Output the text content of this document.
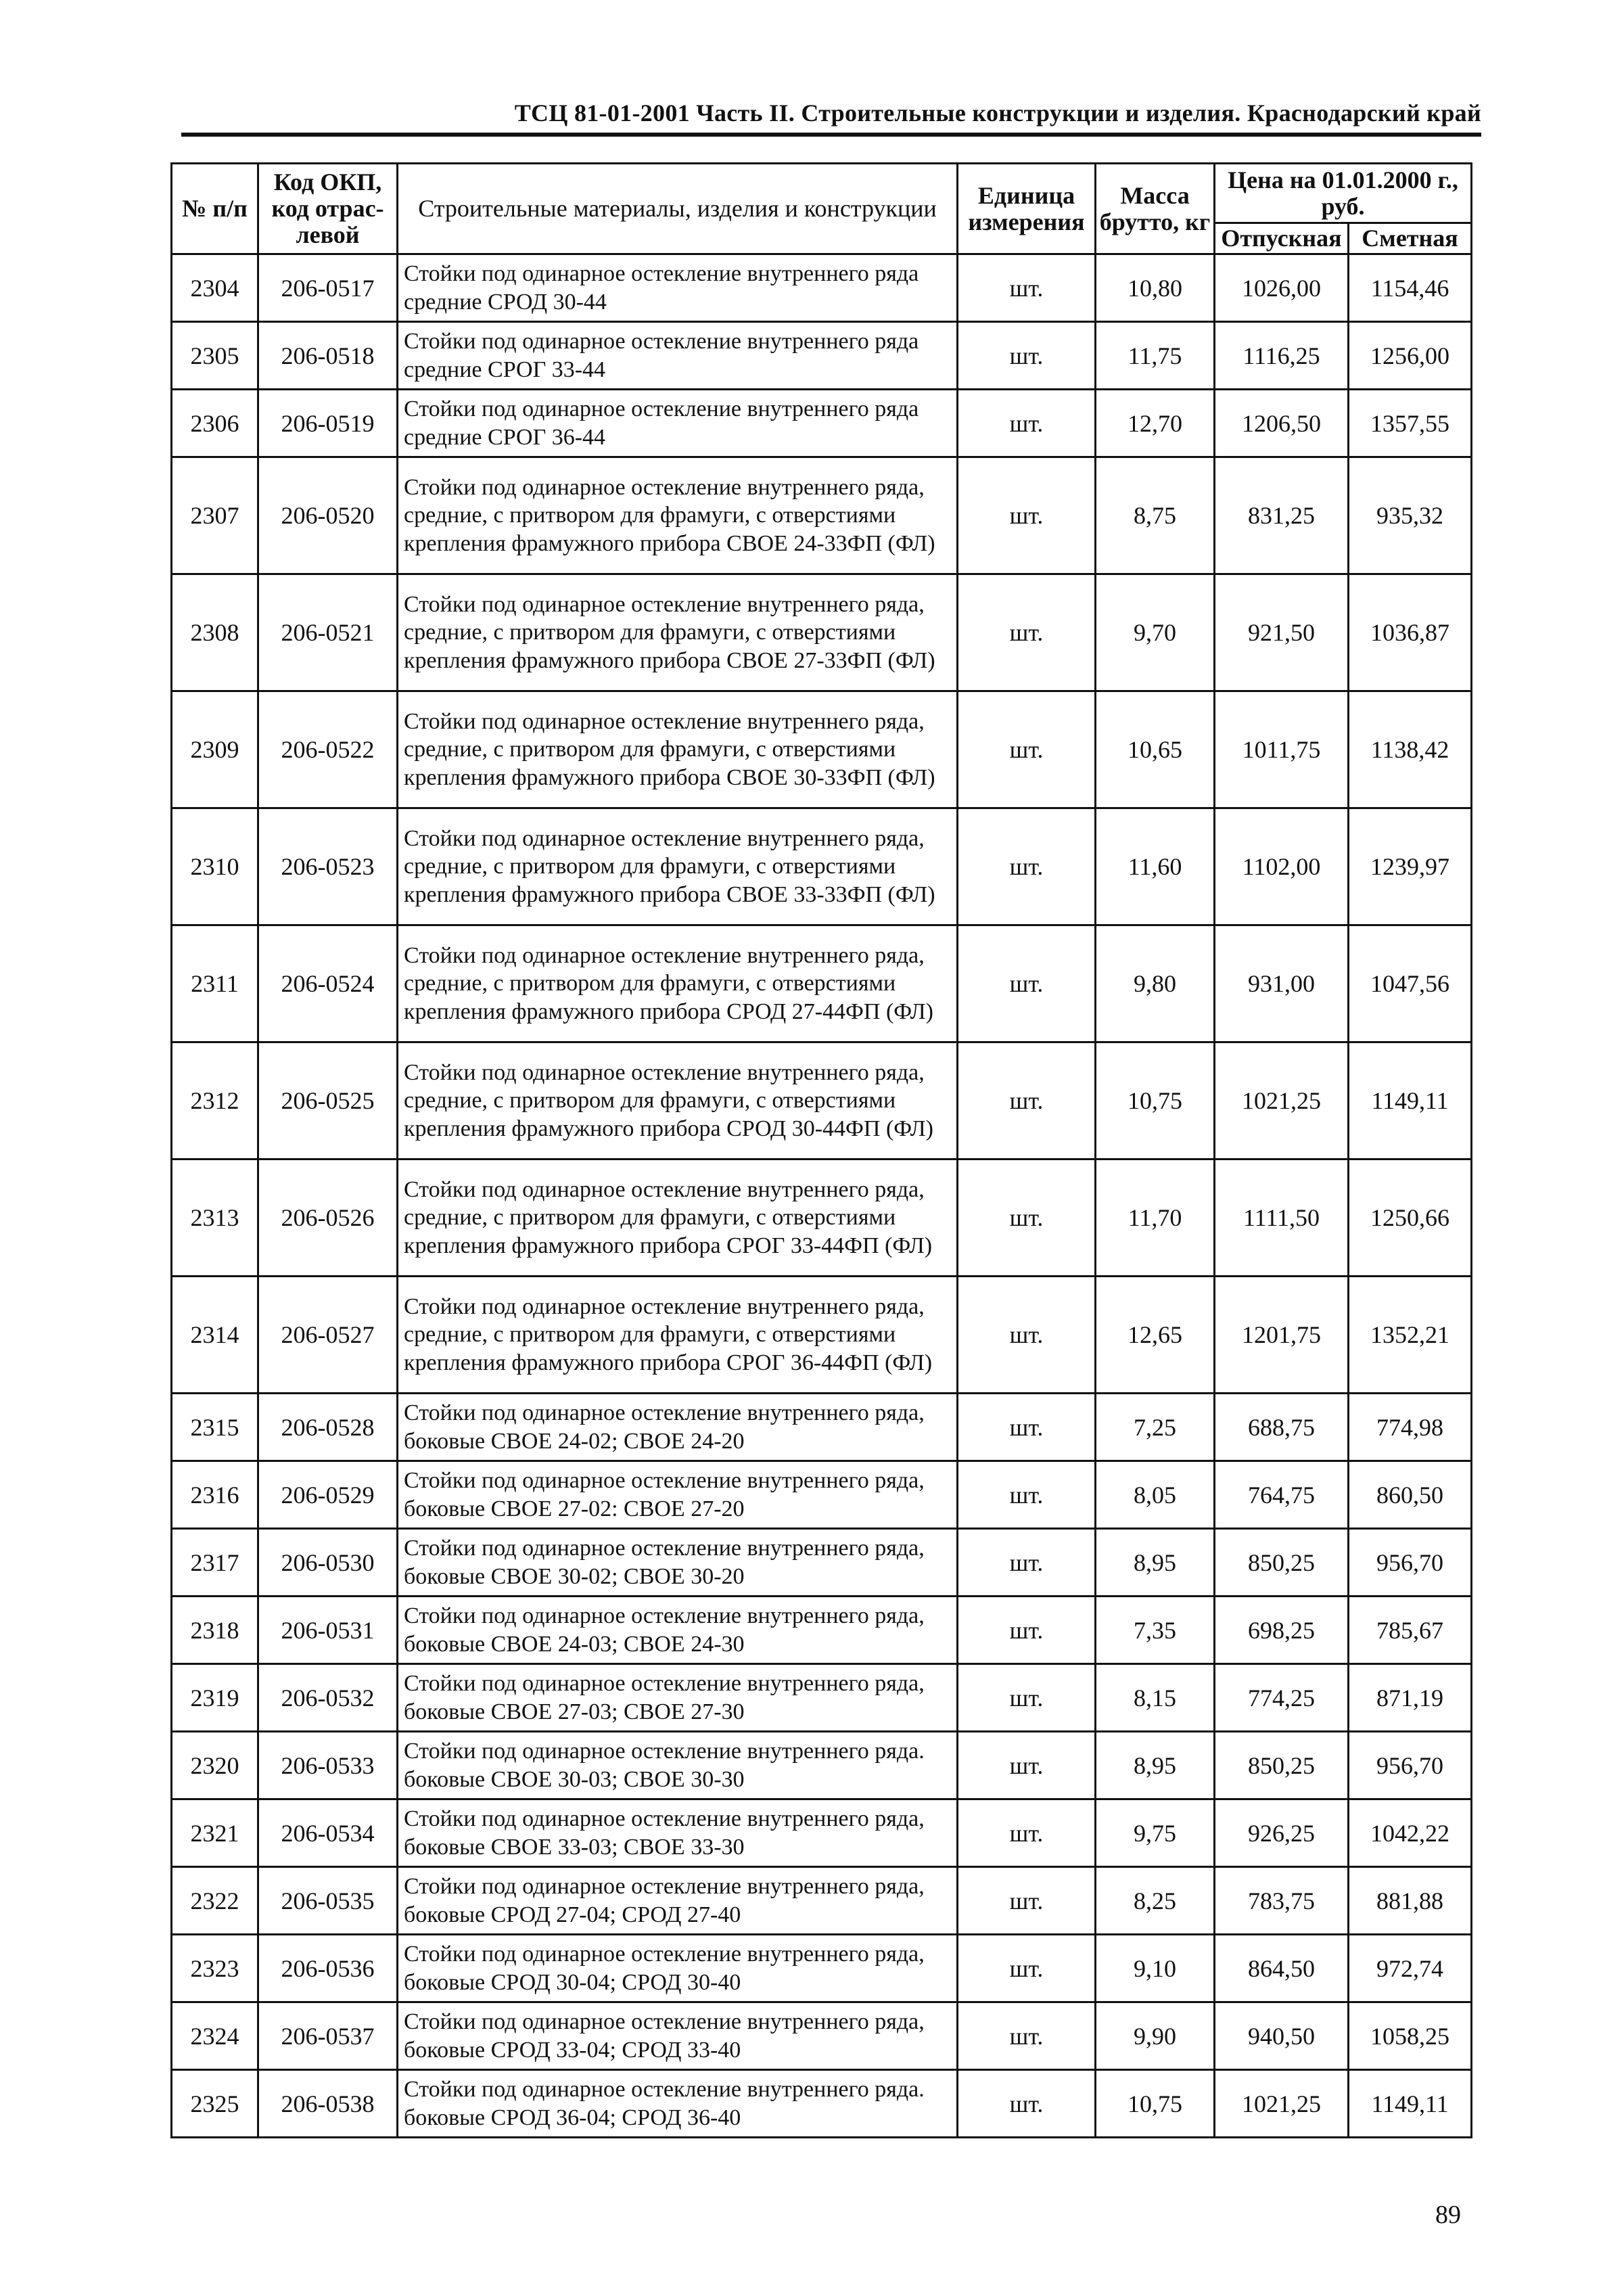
ТСЦ 81-01-2001 Часть II. Строительные конструкции и изделия. Краснодарский край
№ п/п	Код ОКП, код отрас-левой	Строительные материалы, изделия и конструкции	Единица измерения	Масса брутто, кг	Цена на 01.01.2000 г., руб.	
					Отпускная	Сметная
2304	206-0517	Стойки под одинарное остекление внутреннего ряда средние СРОД 30-44	шт.	10,80	1026,00	1154,46
2305	206-0518	Стойки под одинарное остекление внутреннего ряда средние СРОГ 33-44	шт.	11,75	1116,25	1256,00
2306	206-0519	Стойки под одинарное остекление внутреннего ряда средние СРОГ 36-44	шт.	12,70	1206,50	1357,55
2307	206-0520	Стойки под одинарное остекление внутреннего ряда, средние, с притвором для фрамуги, с отверстиями крепления фрамужного прибора СВОЕ 24-33ФП (ФЛ)	шт.	8,75	831,25	935,32
2308	206-0521	Стойки под одинарное остекление внутреннего ряда, средние, с притвором для фрамуги, с отверстиями крепления фрамужного прибора СВОЕ 27-33ФП (ФЛ)	шт.	9,70	921,50	1036,87
2309	206-0522	Стойки под одинарное остекление внутреннего ряда, средние, с притвором для фрамуги, с отверстиями крепления фрамужного прибора СВОЕ 30-33ФП (ФЛ)	шт.	10,65	1011,75	1138,42
2310	206-0523	Стойки под одинарное остекление внутреннего ряда, средние, с притвором для фрамуги, с отверстиями крепления фрамужного прибора СВОЕ 33-33ФП (ФЛ)	шт.	11,60	1102,00	1239,97
2311	206-0524	Стойки под одинарное остекление внутреннего ряда, средние, с притвором для фрамуги, с отверстиями крепления фрамужного прибора СРОД 27-44ФП (ФЛ)	шт.	9,80	931,00	1047,56
2312	206-0525	Стойки под одинарное остекление внутреннего ряда, средние, с притвором для фрамуги, с отверстиями крепления фрамужного прибора СРОД 30-44ФП (ФЛ)	шт.	10,75	1021,25	1149,11
2313	206-0526	Стойки под одинарное остекление внутреннего ряда, средние, с притвором для фрамуги, с отверстиями крепления фрамужного прибора СРОГ 33-44ФП (ФЛ)	шт.	11,70	1111,50	1250,66
2314	206-0527	Стойки под одинарное остекление внутреннего ряда, средние, с притвором для фрамуги, с отверстиями крепления фрамужного прибора СРОГ 36-44ФП (ФЛ)	шт.	12,65	1201,75	1352,21
2315	206-0528	Стойки под одинарное остекление внутреннего ряда, боковые СВОЕ 24-02; СВОЕ 24-20	шт.	7,25	688,75	774,98
2316	206-0529	Стойки под одинарное остекление внутреннего ряда, боковые СВОЕ 27-02: СВОЕ 27-20	шт.	8,05	764,75	860,50
2317	206-0530	Стойки под одинарное остекление внутреннего ряда, боковые СВОЕ 30-02; СВОЕ 30-20	шт.	8,95	850,25	956,70
2318	206-0531	Стойки под одинарное остекление внутреннего ряда, боковые СВОЕ 24-03; СВОЕ 24-30	шт.	7,35	698,25	785,67
2319	206-0532	Стойки под одинарное остекление внутреннего ряда, боковые СВОЕ 27-03; СВОЕ 27-30	шт.	8,15	774,25	871,19
2320	206-0533	Стойки под одинарное остекление внутреннего ряда. боковые СВОЕ 30-03; СВОЕ 30-30	шт.	8,95	850,25	956,70
2321	206-0534	Стойки под одинарное остекление внутреннего ряда, боковые СВОЕ 33-03; СВОЕ 33-30	шт.	9,75	926,25	1042,22
2322	206-0535	Стойки под одинарное остекление внутреннего ряда, боковые СРОД 27-04; СРОД 27-40	шт.	8,25	783,75	881,88
2323	206-0536	Стойки под одинарное остекление внутреннего ряда, боковые СРОД 30-04; СРОД 30-40	шт.	9,10	864,50	972,74
2324	206-0537	Стойки под одинарное остекление внутреннего ряда, боковые СРОД 33-04; СРОД 33-40	шт.	9,90	940,50	1058,25
2325	206-0538	Стойки под одинарное остекление внутреннего ряда. боковые СРОД 36-04; СРОД 36-40	шт.	10,75	1021,25	1149,11
89
